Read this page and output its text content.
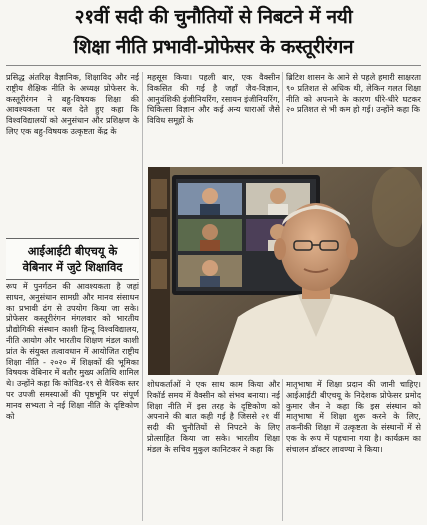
२१वीं सदी की चुनौतियों से निबटने में नयी
शिक्षा नीति प्रभावी-प्रोफेसर के कस्तूरीरंगन

प्रसिद्ध अंतरिक्ष वैज्ञानिक, शिक्षाविद और नई राष्ट्रीय शैक्षिक नीति के अध्यक्ष प्रोफेसर के. कस्तूरीरंगन ने बहु-विषयक शिक्षा की आवश्यकता पर बल देते हुए कहा कि विश्वविद्यालयों को अनुसंधान और प्रशिक्षण के लिए एक बहु-विषयक उत्कृष्टता केंद्र के

आईआईटी बीएचयू के
वेबिनार में जुटे शिक्षाविद

रूप में पुनर्गठन की आवश्यकता है जहां साधन, अनुसंधान सामग्री और मानव संसाधन का प्रभावी ढंग से उपयोग किया जा सके। प्रोफेसर कस्तूरीरंगन मंगलवार को भारतीय प्रौद्योगिकी संस्थान काशी हिन्दू विश्वविद्यालय, नीति आयोग और भारतीय शिक्षण मंडल काशी प्रांत के संयुक्त तत्वावधान में आयोजित राष्ट्रीय शिक्षा नीति - २०२० में शिक्षकों की भूमिका विषयक वेबिनार में बतौर मुख्य अतिथि शामिल थे। उन्होंने कहा कि कोविड-१९ से वैश्विक स्तर पर उपजी समस्याओं की पृष्ठभूमि पर संपूर्ण मानव सभ्यता ने नई शिक्षा नीति के दृष्टिकोण को

महसूस किया। पहली बार, एक वैक्सीन विकसित की गई है जहाँ जैव-विज्ञान, आनुवंशिकी इंजीनियरिंग, रसायन इंजीनियरिंग, चिकित्सा विज्ञान और कई अन्य धाराओं जैसे विविध समूहों के

ब्रिटिश शासन के आने से पहले हमारी साक्षरता ९० प्रतिशत से अधिक थी, लेकिन गलत शिक्षा नीति को अपनाने के कारण धीरे-धीरे घटकर २० प्रतिशत से भी कम हो गई। उन्होंने कहा कि

शोधकर्ताओं ने एक साथ काम किया और रिकॉर्ड समय में वैक्सीन को संभव बनाया। नई शिक्षा नीति में इस तरह के दृष्टिकोण को अपनाने की बात कही गई है जिससे २१ वीं सदी की चुनौतियों से निपटने के लिए प्रोत्साहित किया जा सके। भारतीय शिक्षा मंडल के सचिव मुकुल कानिटकर ने कहा कि

मातृभाषा में शिक्षा प्रदान की जानी चाहिए। आईआईटी बीएचयू के निदेशक प्रोफेसर प्रमोद कुमार जैन ने कहा कि इस संस्थान को मातृभाषा में शिक्षा शुरू करने के लिए, तकनीकी शिक्षा में उत्कृष्टता के संस्थानों में से एक के रूप में पहचाना गया है। कार्यक्रम का संचालन डॉक्टर लावण्या ने किया।
